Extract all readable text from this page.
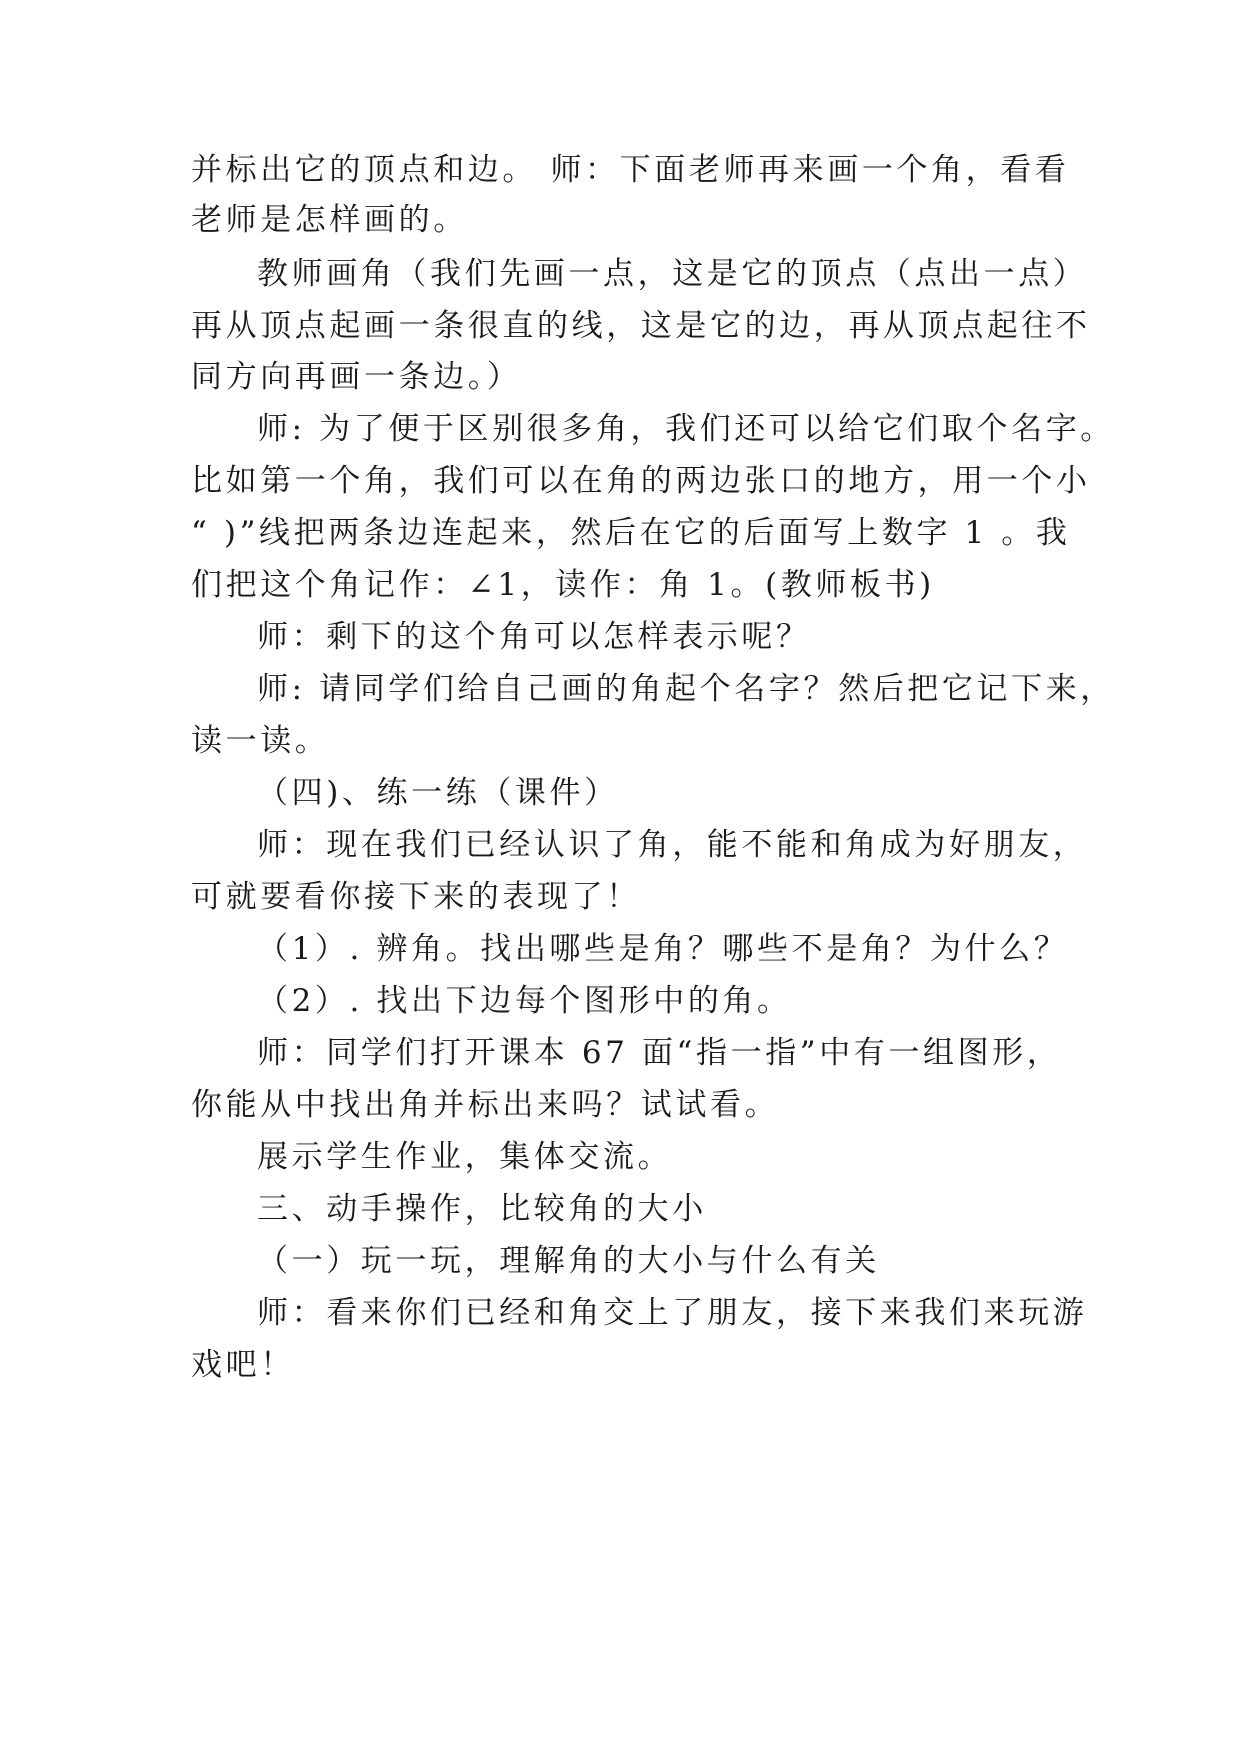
并标出它的顶点和边。 师：下面老师再来画一个角，看看
老师是怎样画的。
教师画角（我们先画一点，这是它的顶点（点出一点）
再从顶点起画一条很直的线，这是它的边，再从顶点起往不
同方向再画一条边。）
师: 为了便于区别很多角，我们还可以给它们取个名字。
比如第一个角，我们可以在角的两边张口的地方，用一个小
“ )”线把两条边连起来，然后在它的后面写上数字 1 。我
们把这个角记作：∠1，读作：角 1。(教师板书)
师：剩下的这个角可以怎样表示呢？
师: 请同学们给自己画的角起个名字？然后把它记下来，
读一读。
（四)、练一练（课件）
师：现在我们已经认识了角，能不能和角成为好朋友，
可就要看你接下来的表现了！
（1）. 辨角。找出哪些是角？哪些不是角？为什么？
（2）. 找出下边每个图形中的角。
师：同学们打开课本 67 面“指一指”中有一组图形，
你能从中找出角并标出来吗？试试看。
展示学生作业，集体交流。
三、动手操作，比较角的大小
（一）玩一玩，理解角的大小与什么有关
师：看来你们已经和角交上了朋友，接下来我们来玩游
戏吧！
